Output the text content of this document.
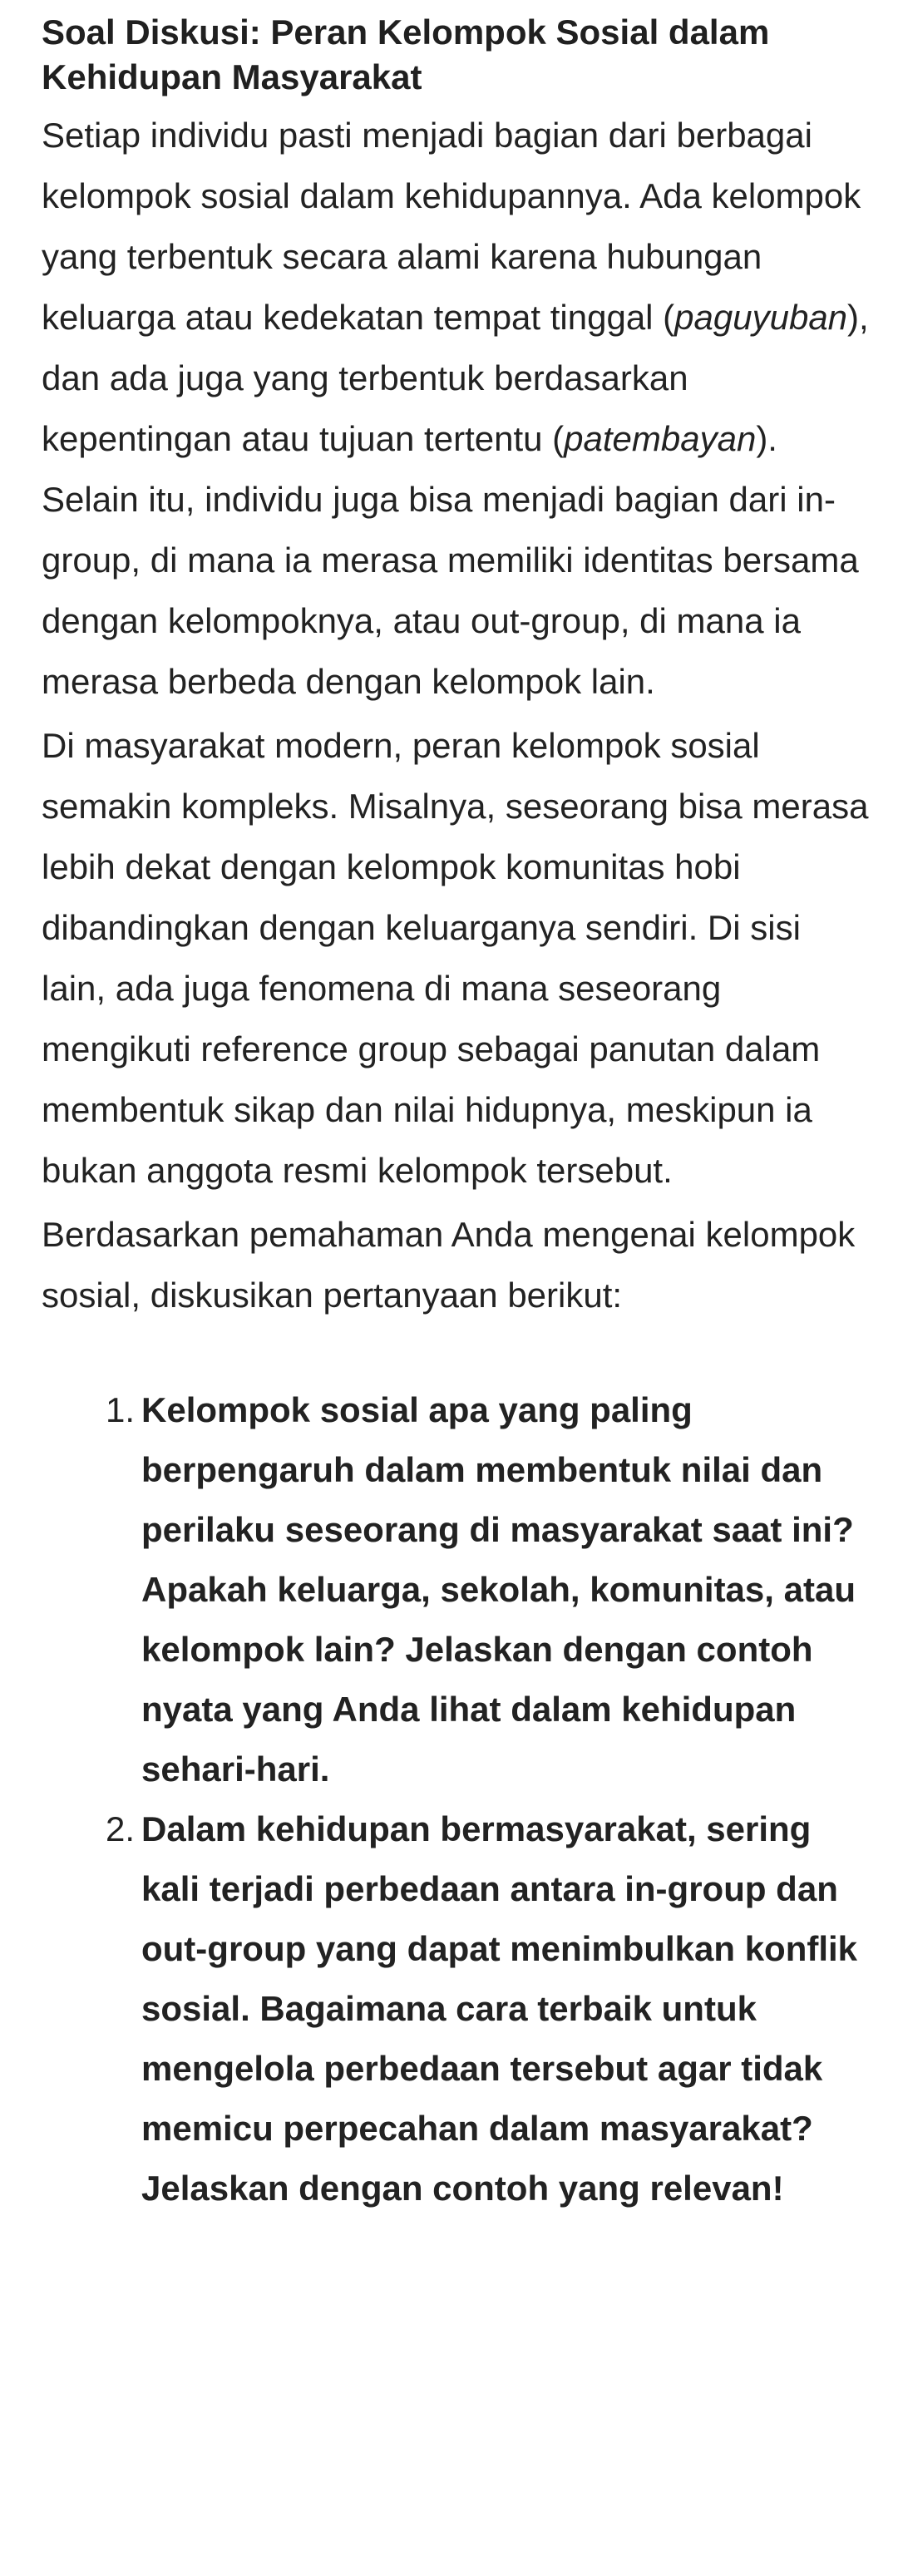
Soal Diskusi: Peran Kelompok Sosial dalam Kehidupan Masyarakat

Setiap individu pasti menjadi bagian dari berbagai kelompok sosial dalam kehidupannya. Ada kelompok yang terbentuk secara alami karena hubungan keluarga atau kedekatan tempat tinggal (paguyuban), dan ada juga yang terbentuk berdasarkan kepentingan atau tujuan tertentu (patembayan). Selain itu, individu juga bisa menjadi bagian dari in-group, di mana ia merasa memiliki identitas bersama dengan kelompoknya, atau out-group, di mana ia merasa berbeda dengan kelompok lain.

Di masyarakat modern, peran kelompok sosial semakin kompleks. Misalnya, seseorang bisa merasa lebih dekat dengan kelompok komunitas hobi dibandingkan dengan keluarganya sendiri. Di sisi lain, ada juga fenomena di mana seseorang mengikuti reference group sebagai panutan dalam membentuk sikap dan nilai hidupnya, meskipun ia bukan anggota resmi kelompok tersebut.

Berdasarkan pemahaman Anda mengenai kelompok sosial, diskusikan pertanyaan berikut:

1. Kelompok sosial apa yang paling berpengaruh dalam membentuk nilai dan perilaku seseorang di masyarakat saat ini? Apakah keluarga, sekolah, komunitas, atau kelompok lain? Jelaskan dengan contoh nyata yang Anda lihat dalam kehidupan sehari-hari.
2. Dalam kehidupan bermasyarakat, sering kali terjadi perbedaan antara in-group dan out-group yang dapat menimbulkan konflik sosial. Bagaimana cara terbaik untuk mengelola perbedaan tersebut agar tidak memicu perpecahan dalam masyarakat? Jelaskan dengan contoh yang relevan!
